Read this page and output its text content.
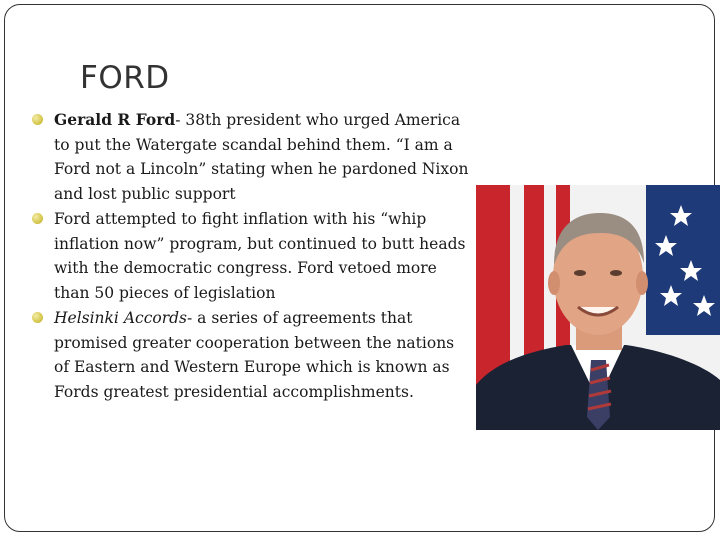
FORD
Gerald R Ford- 38th president who urged America to put the Watergate scandal behind them. “I am a Ford not a Lincoln” stating when he pardoned Nixon and lost public support
Ford attempted to fight inflation with his “whip inflation now” program, but continued to butt heads with the democratic congress. Ford vetoed more than 50 pieces of legislation
Helsinki Accords- a series of agreements that promised greater cooperation between the nations of Eastern and Western Europe which is known as Fords greatest presidential accomplishments.
